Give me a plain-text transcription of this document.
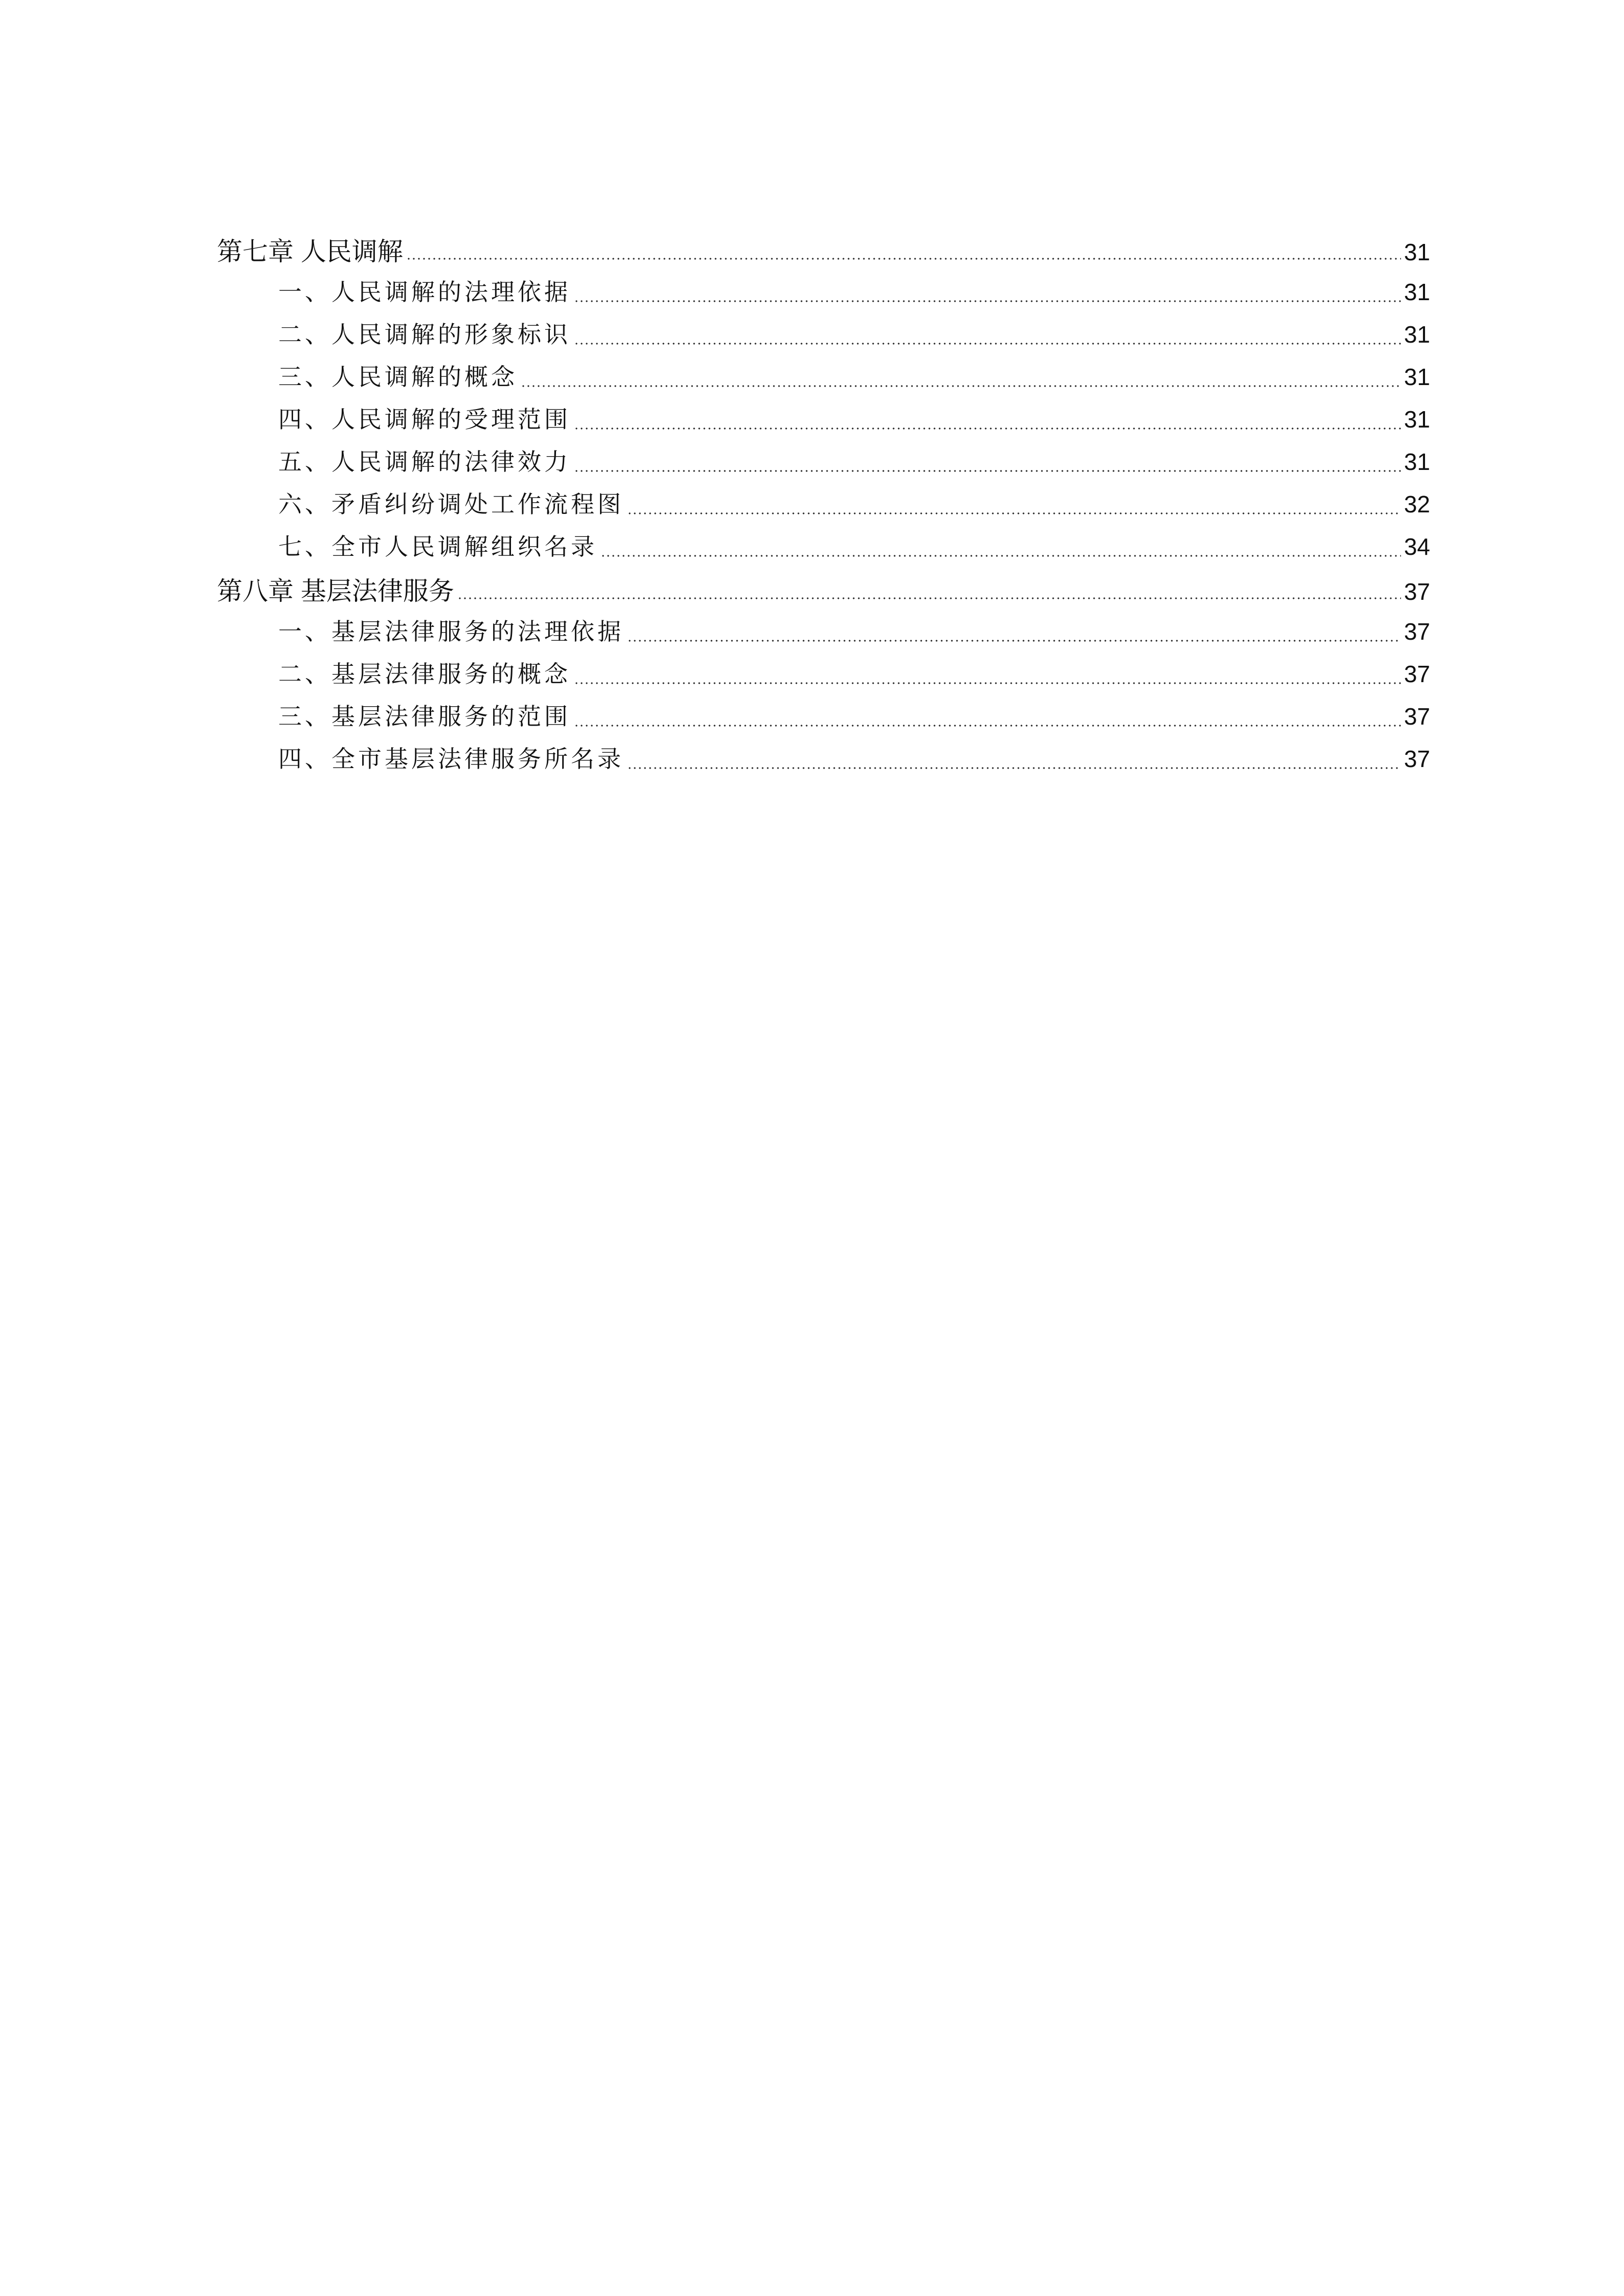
第七章 人民调解	31
一、人民调解的法理依据	31
二、人民调解的形象标识	31
三、人民调解的概念	31
四、人民调解的受理范围	31
五、人民调解的法律效力	31
六、矛盾纠纷调处工作流程图	32
七、全市人民调解组织名录	34
第八章 基层法律服务	37
一、基层法律服务的法理依据	37
二、基层法律服务的概念	37
三、基层法律服务的范围	37
四、全市基层法律服务所名录	37
